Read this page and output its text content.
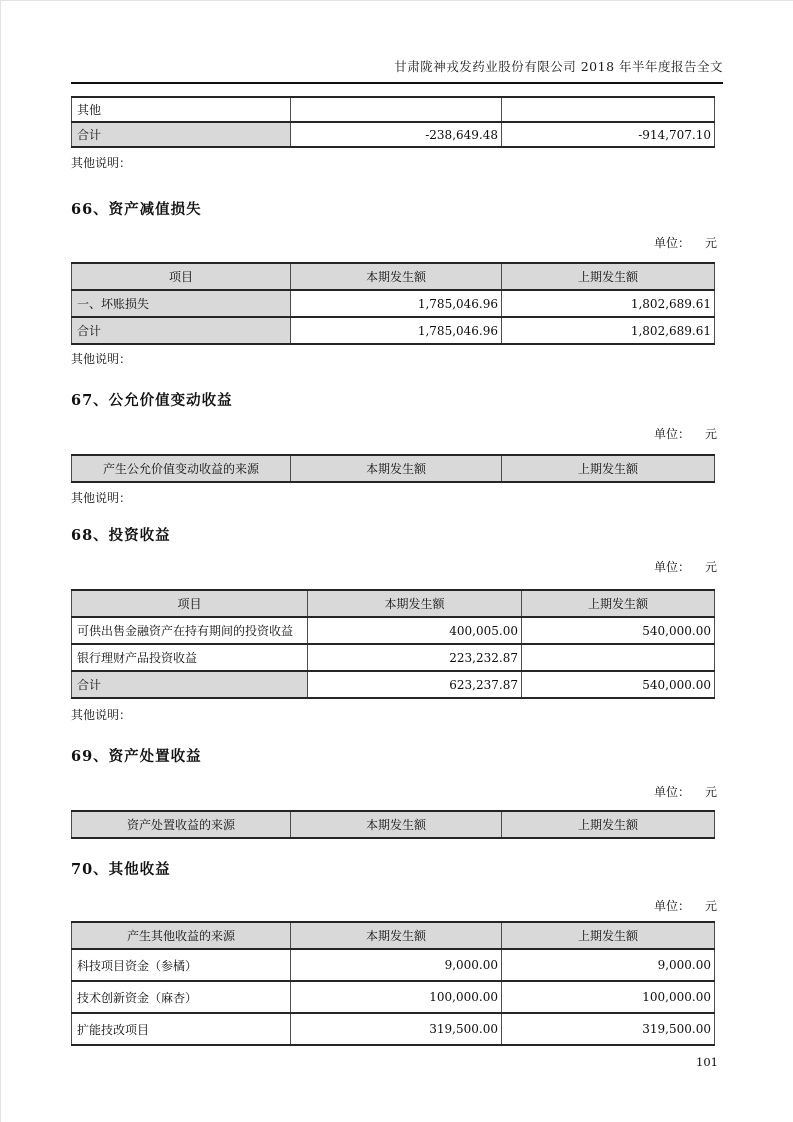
甘肃陇神戎发药业股份有限公司 2018 年半年度报告全文
其他		
合计	-238,649.48	-914,707.10
其他说明：
66、资产减值损失
单位： 元
项目	本期发生额	上期发生额
一、坏账损失	1,785,046.96	1,802,689.61
合计	1,785,046.96	1,802,689.61
其他说明：
67、公允价值变动收益
单位： 元
产生公允价值变动收益的来源	本期发生额	上期发生额
其他说明：
68、投资收益
单位： 元
项目	本期发生额	上期发生额
可供出售金融资产在持有期间的投资收益	400,005.00	540,000.00
银行理财产品投资收益	223,232.87	
合计	623,237.87	540,000.00
其他说明：
69、资产处置收益
单位： 元
资产处置收益的来源	本期发生额	上期发生额
70、其他收益
单位： 元
产生其他收益的来源	本期发生额	上期发生额
科技项目资金（参橘）	9,000.00	9,000.00
技术创新资金（麻杏）	100,000.00	100,000.00
扩能技改项目	319,500.00	319,500.00
101
